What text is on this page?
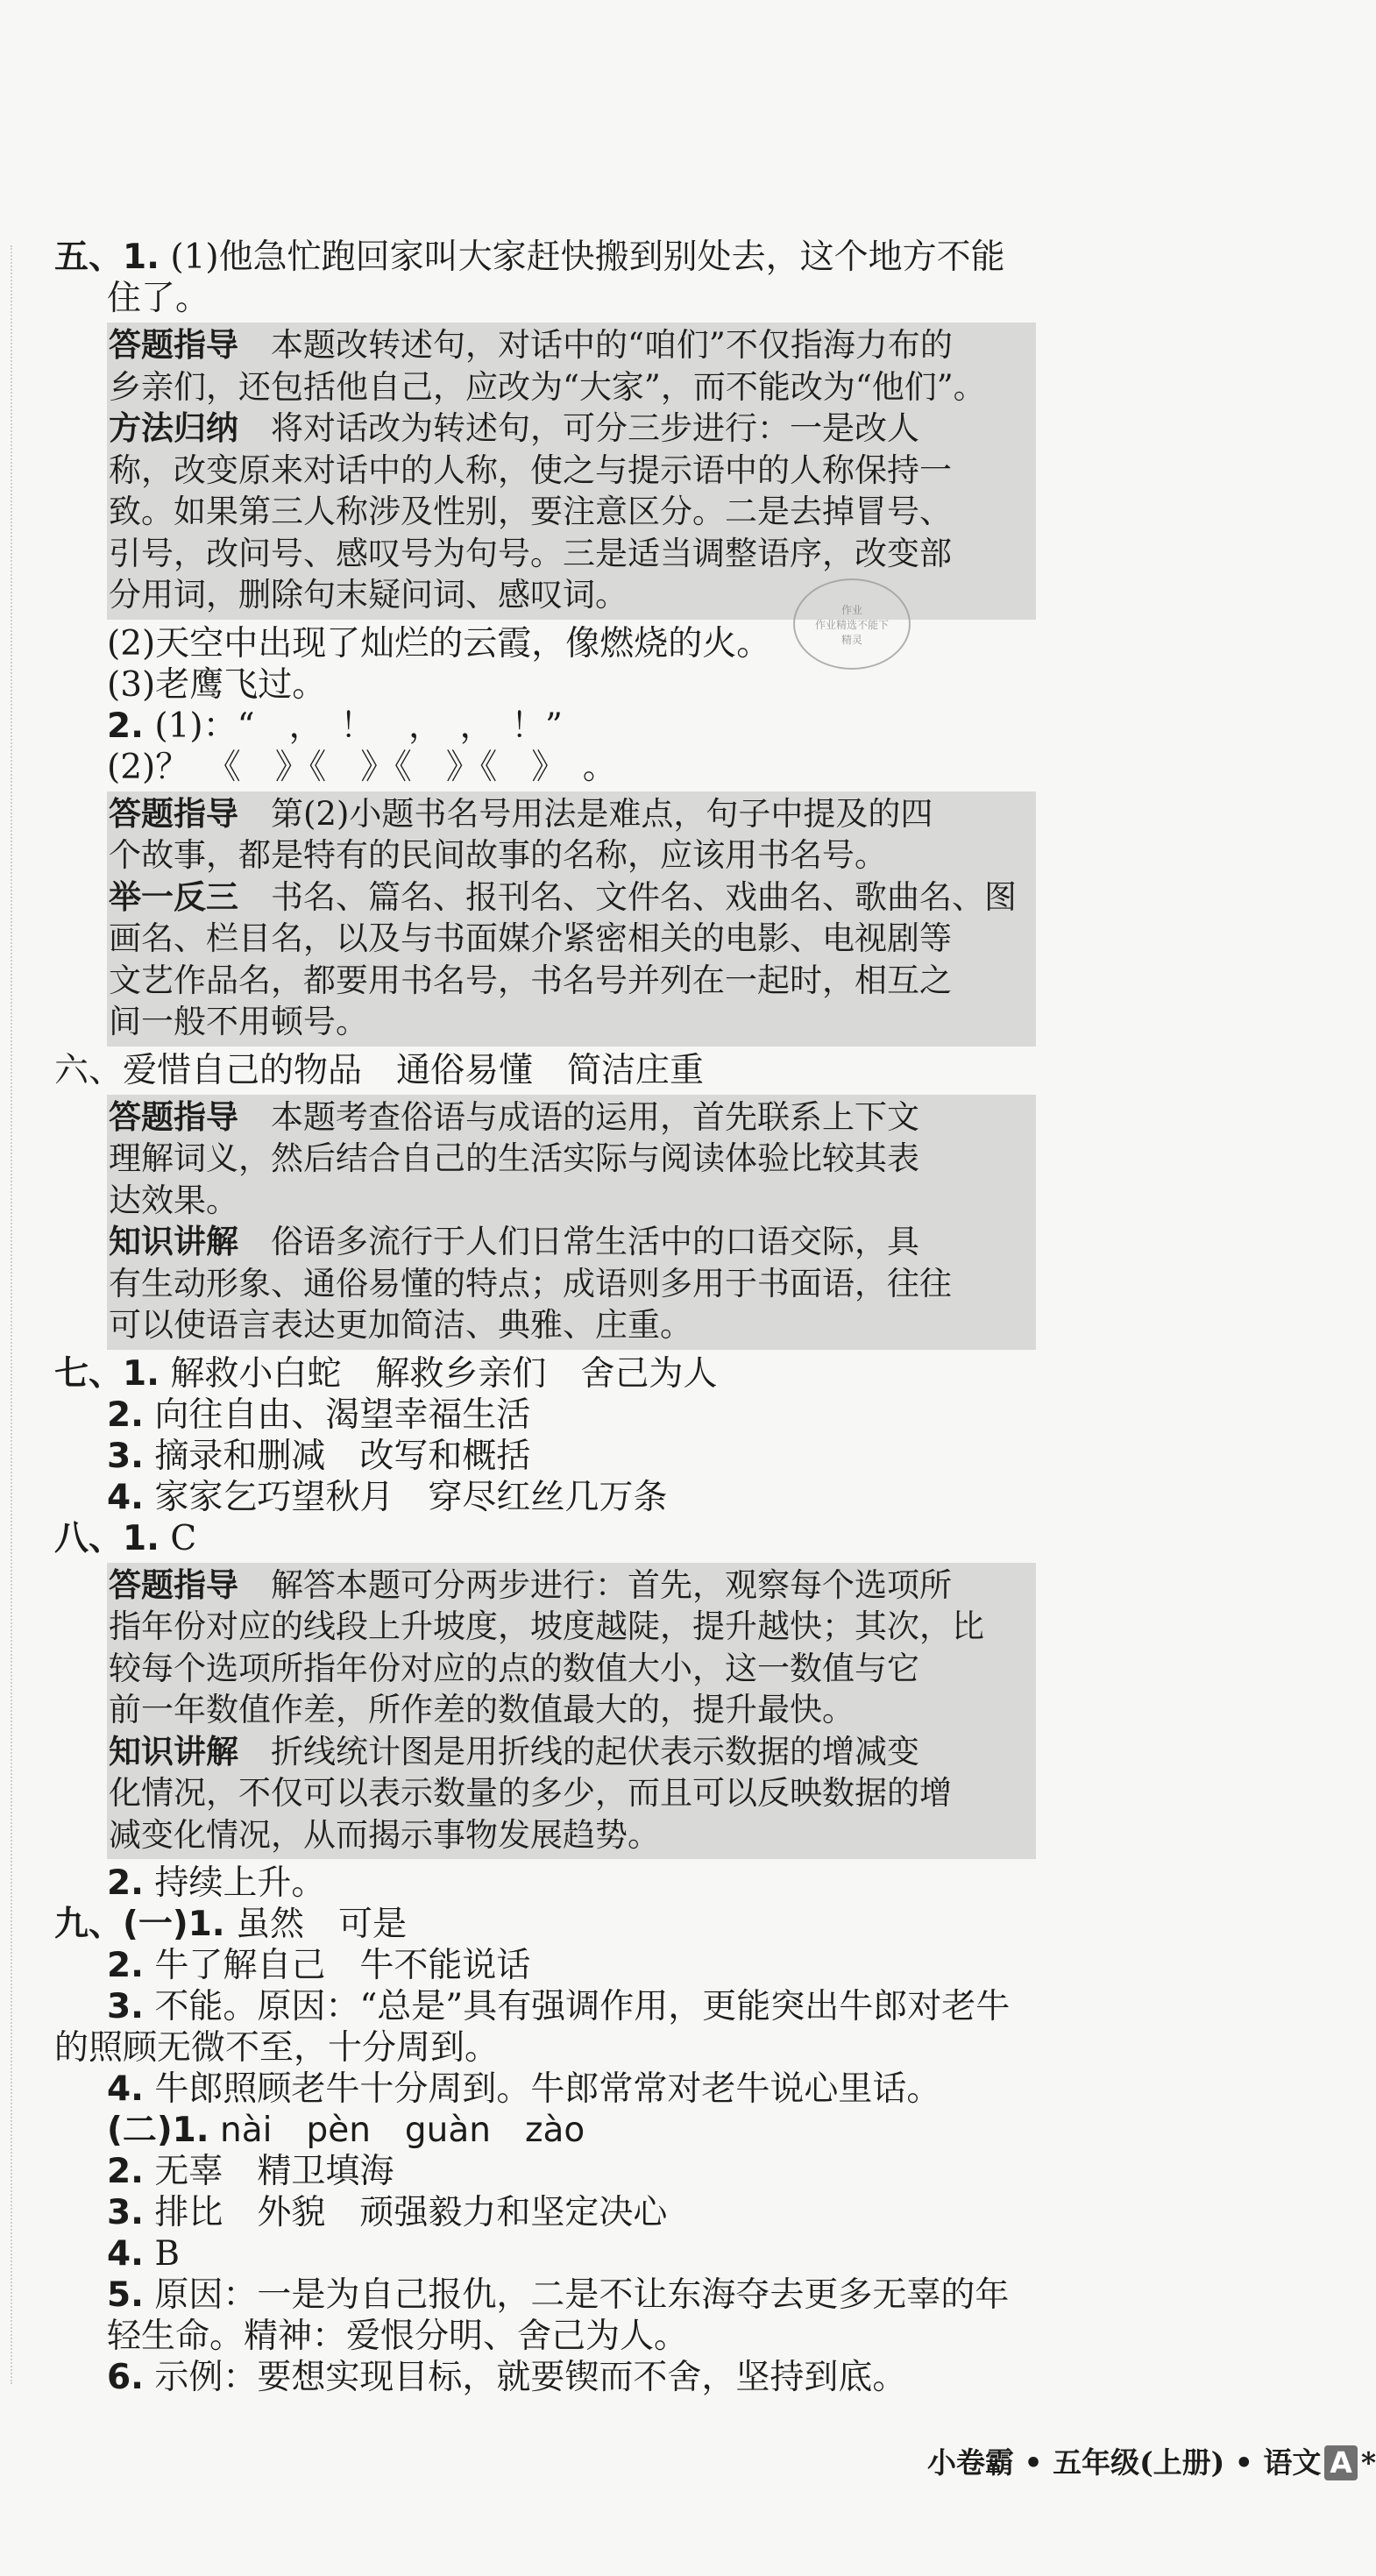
五、1. (1)他急忙跑回家叫大家赶快搬到别处去，这个地方不能

住了。

答题指导　本题改转述句，对话中的“咱们”不仅指海力布的

乡亲们，还包括他自己，应改为“大家”，而不能改为“他们”。

方法归纳　将对话改为转述句，可分三步进行：一是改人

称，改变原来对话中的人称，使之与提示语中的人称保持一

致。如果第三人称涉及性别，要注意区分。二是去掉冒号、

引号，改问号、感叹号为句号。三是适当调整语序，改变部

分用词，删除句末疑问词、感叹词。

(2)天空中出现了灿烂的云霞，像燃烧的火。

(3)老鹰飞过。

2. (1)：“　，　！　，　，　！”

(2)？　《　》《　》《　》《　》　。

答题指导　第(2)小题书名号用法是难点，句子中提及的四

个故事，都是特有的民间故事的名称，应该用书名号。

举一反三　书名、篇名、报刊名、文件名、戏曲名、歌曲名、图

画名、栏目名，以及与书面媒介紧密相关的电影、电视剧等

文艺作品名，都要用书名号，书名号并列在一起时，相互之

间一般不用顿号。

六、爱惜自己的物品　通俗易懂　简洁庄重

答题指导　本题考查俗语与成语的运用，首先联系上下文

理解词义，然后结合自己的生活实际与阅读体验比较其表

达效果。

知识讲解　俗语多流行于人们日常生活中的口语交际，具

有生动形象、通俗易懂的特点；成语则多用于书面语，往往

可以使语言表达更加简洁、典雅、庄重。

七、1. 解救小白蛇　解救乡亲们　舍己为人

2. 向往自由、渴望幸福生活

3. 摘录和删减　改写和概括

4. 家家乞巧望秋月　穿尽红丝几万条

八、1. C

答题指导　解答本题可分两步进行：首先，观察每个选项所

指年份对应的线段上升坡度，坡度越陡，提升越快；其次，比

较每个选项所指年份对应的点的数值大小，这一数值与它

前一年数值作差，所作差的数值最大的，提升最快。

知识讲解　折线统计图是用折线的起伏表示数据的增减变

化情况，不仅可以表示数量的多少，而且可以反映数据的增

减变化情况，从而揭示事物发展趋势。

2. 持续上升。

九、(一)1. 虽然　可是

2. 牛了解自己　牛不能说话

3. 不能。原因：“总是”具有强调作用，更能突出牛郎对老牛

的照顾无微不至，十分周到。

4. 牛郎照顾老牛十分周到。牛郎常常对老牛说心里话。

(二)1. nài　pèn　guàn　zào

2. 无辜　精卫填海

3. 排比　外貌　顽强毅力和坚定决心

4. B

5. 原因：一是为自己报仇，二是不让东海夺去更多无辜的年

轻生命。精神：爱恨分明、舍己为人。

6. 示例：要想实现目标，就要锲而不舍，坚持到底。

作业
作业精选不能下
精灵
小卷霸 • 五年级(上册) • 语文 A *
